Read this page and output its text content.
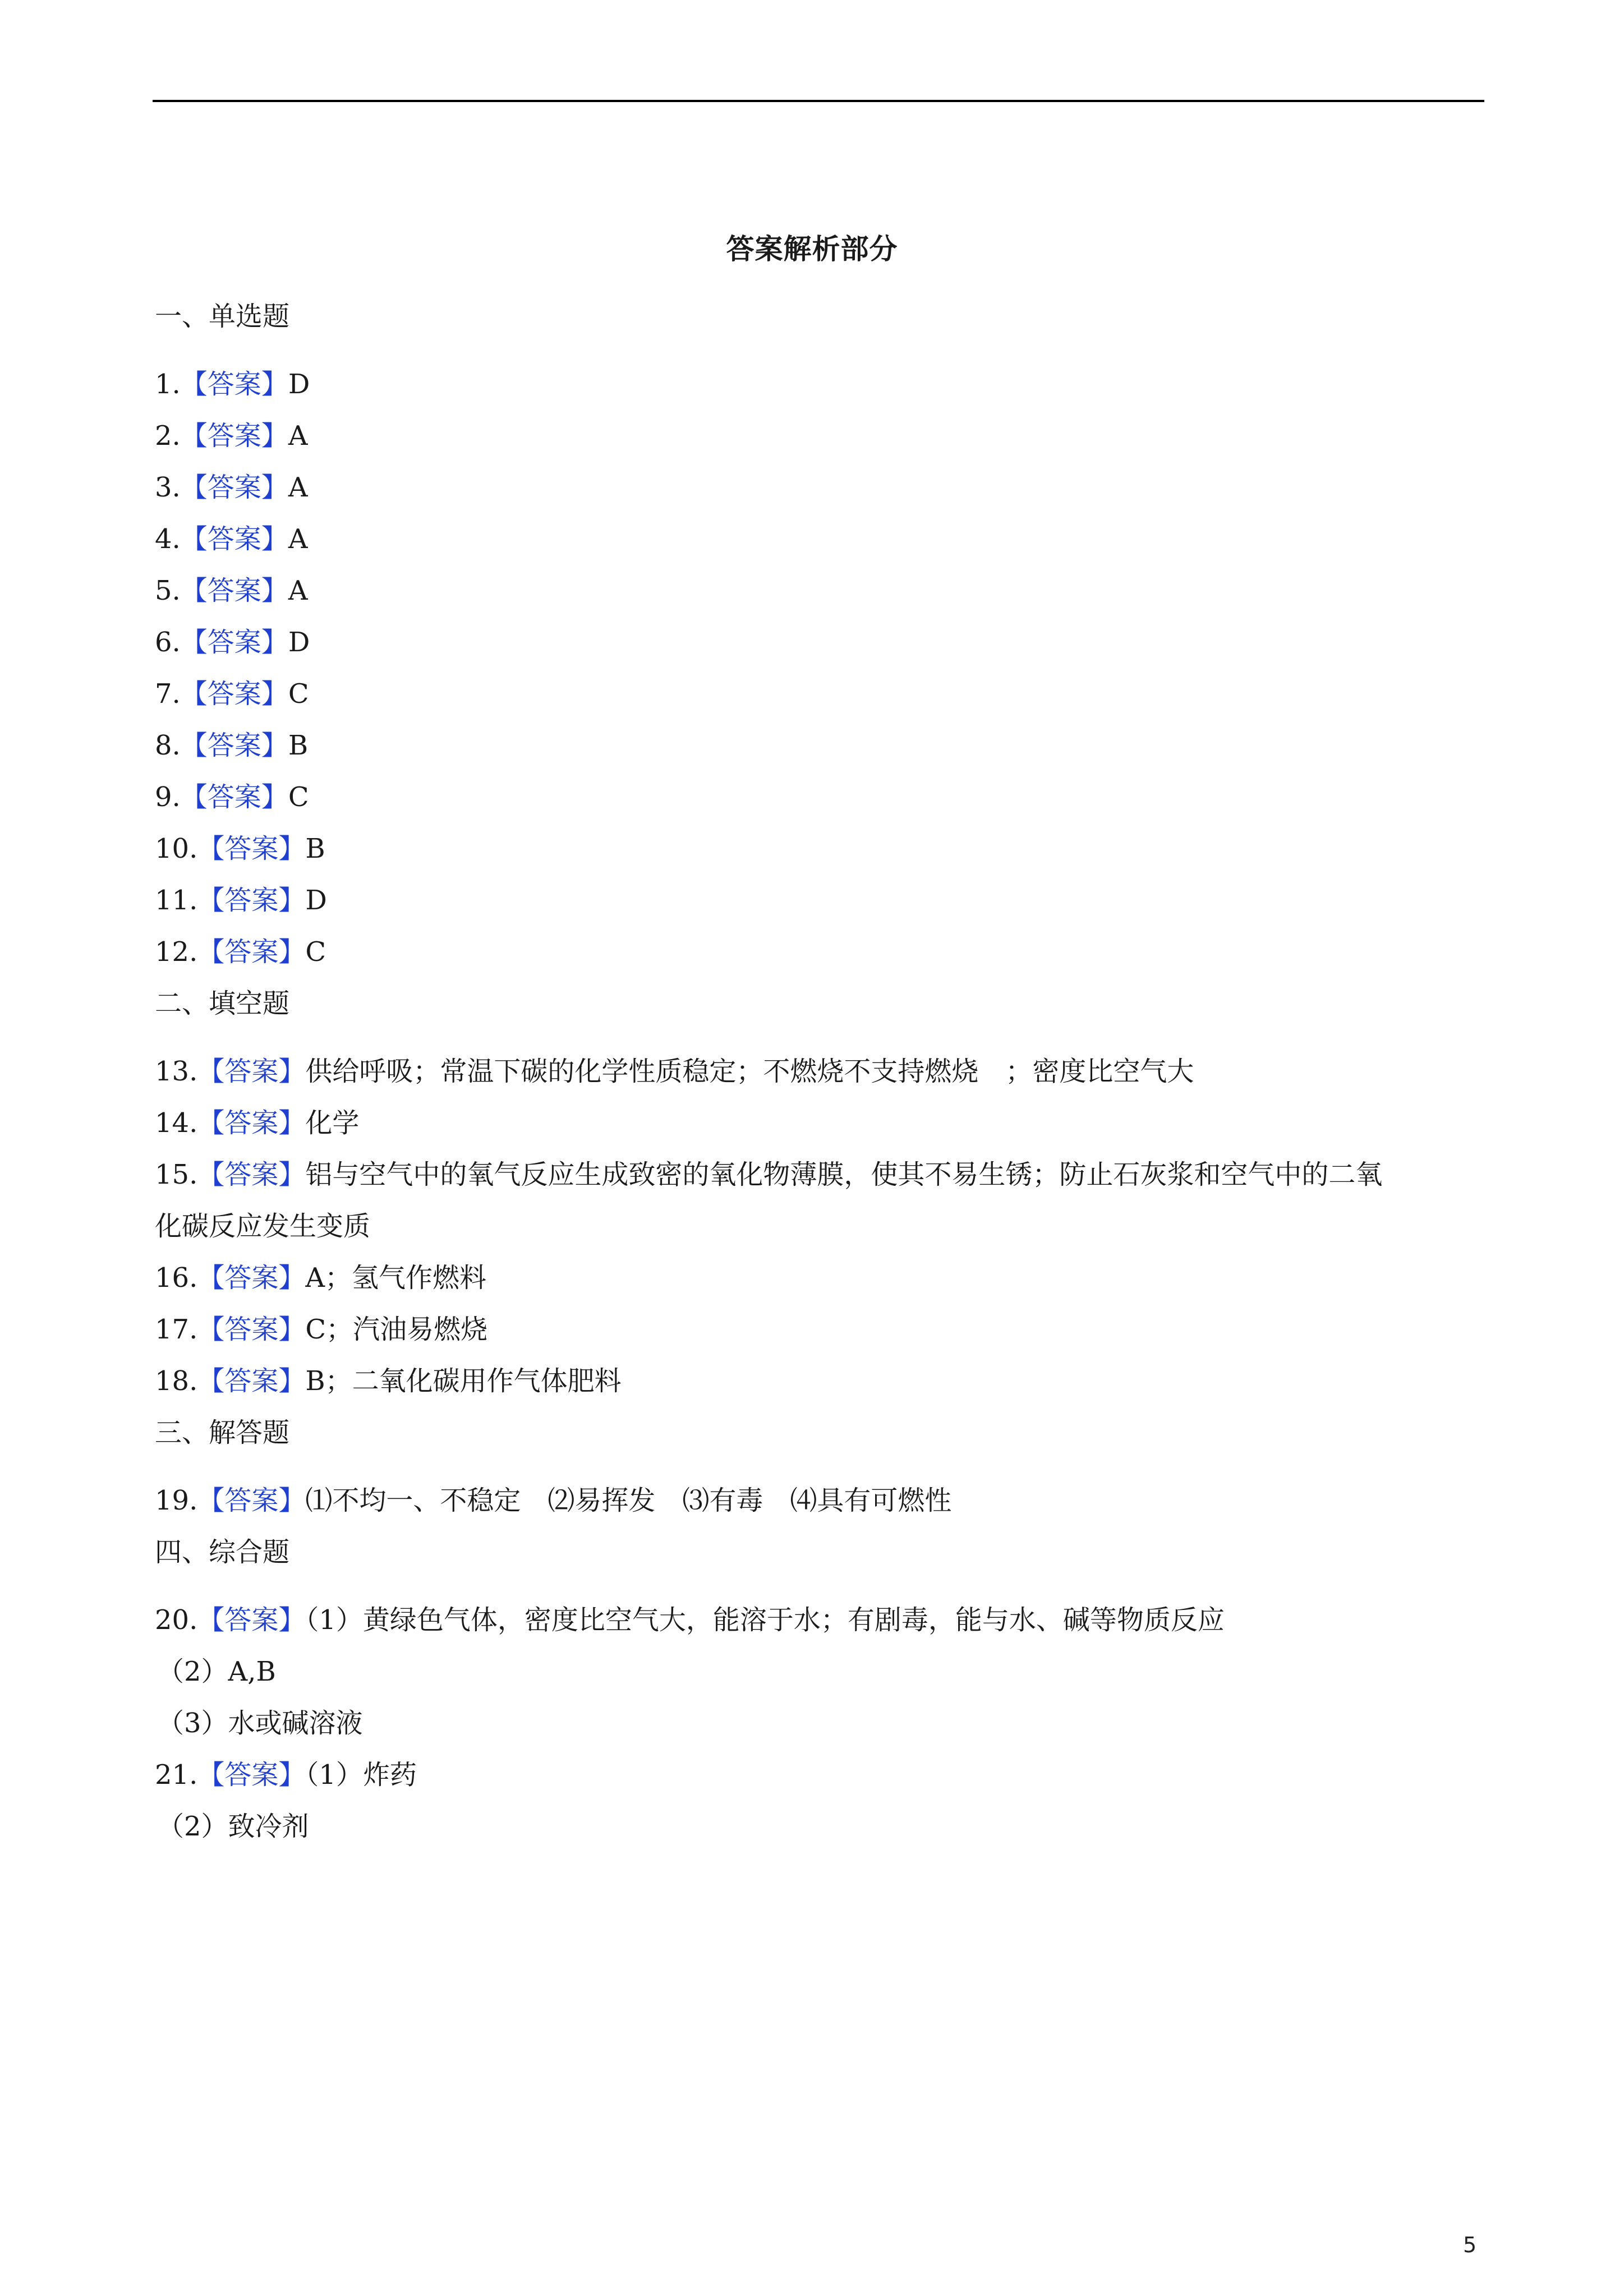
答案解析部分
一、单选题
1.【答案】D
2.【答案】A
3.【答案】A
4.【答案】A
5.【答案】A
6.【答案】D
7.【答案】C
8.【答案】B
9.【答案】C
10.【答案】B
11.【答案】D
12.【答案】C
二、填空题
13.【答案】供给呼吸；常温下碳的化学性质稳定；不燃烧不支持燃烧　；密度比空气大
14.【答案】化学
15.【答案】铝与空气中的氧气反应生成致密的氧化物薄膜，使其不易生锈；防止石灰浆和空气中的二氧
化碳反应发生变质
16.【答案】A；氢气作燃料
17.【答案】C；汽油易燃烧
18.【答案】B；二氧化碳用作气体肥料
三、解答题
19.【答案】⑴不均一、不稳定　⑵易挥发　⑶有毒　⑷具有可燃性
四、综合题
20.【答案】（1）黄绿色气体，密度比空气大，能溶于水；有剧毒，能与水、碱等物质反应
（2）A,B
（3）水或碱溶液
21.【答案】（1）炸药
（2）致冷剂
5
